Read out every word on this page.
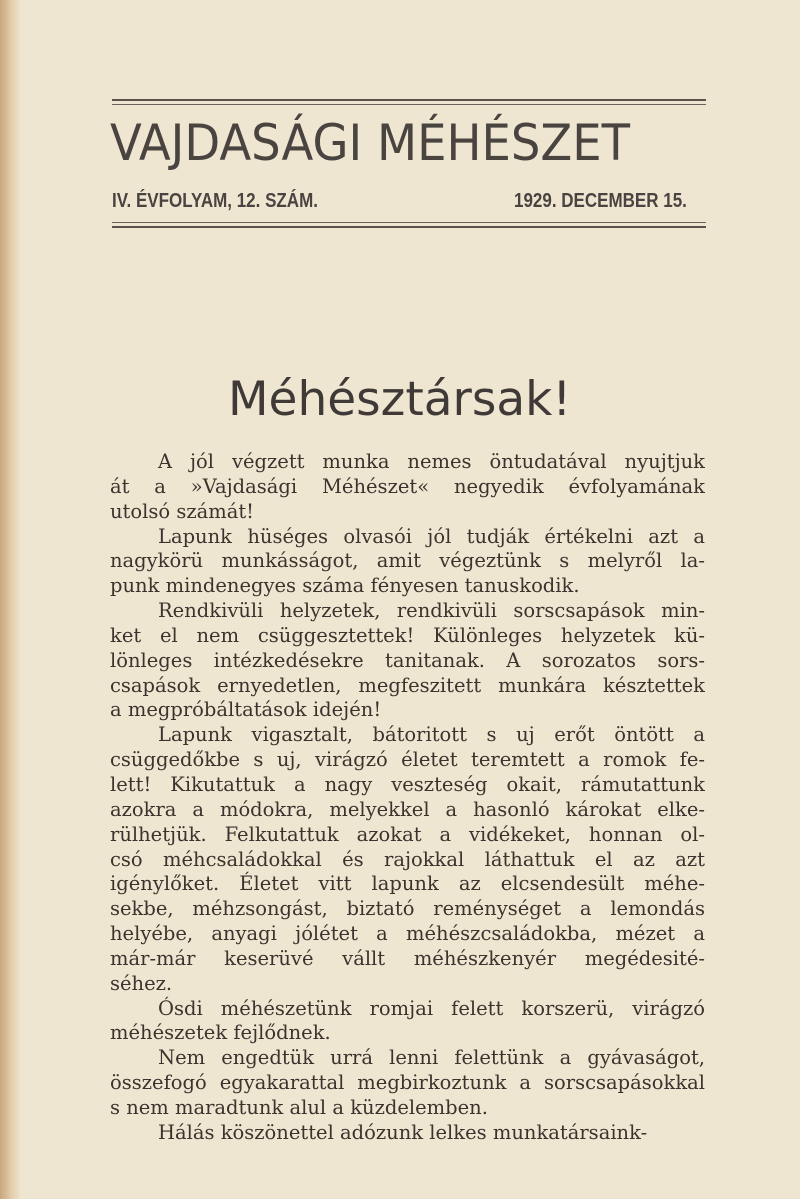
VAJDASÁGI MÉHÉSZET
IV. ÉVFOLYAM, 12. SZÁM.	1929. DECEMBER 15.
Méhésztársak!
A jól végzett munka nemes öntudatával nyujtjuk
át a »Vajdasági Méhészet« negyedik évfolyamának
utolsó számát!
Lapunk hüséges olvasói jól tudják értékelni azt a
nagykörü munkásságot, amit végeztünk s melyről la-
punk mindenegyes száma fényesen tanuskodik.
Rendkivüli helyzetek, rendkivüli sorscsapások min-
ket el nem csüggesztettek! Különleges helyzetek kü-
lönleges intézkedésekre tanitanak. A sorozatos sors-
csapások ernyedetlen, megfeszitett munkára késztettek
a megpróbáltatások idején!
Lapunk vigasztalt, bátoritott s uj erőt öntött a
csüggedőkbe s uj, virágzó életet teremtett a romok fe-
lett! Kikutattuk a nagy veszteség okait, rámutattunk
azokra a módokra, melyekkel a hasonló károkat elke-
rülhetjük. Felkutattuk azokat a vidékeket, honnan ol-
csó méhcsaládokkal és rajokkal láthattuk el az azt
igénylőket. Életet vitt lapunk az elcsendesült méhe-
sekbe, méhzsongást, biztató reménységet a lemondás
helyébe, anyagi jólétet a méhészcsaládokba, mézet a
már-már keserüvé vállt méhészkenyér megédesité-
séhez.
Ósdi méhészetünk romjai felett korszerü, virágzó
méhészetek fejlődnek.
Nem engedtük urrá lenni felettünk a gyávaságot,
összefogó egyakarattal megbirkoztunk a sorscsapásokkal
s nem maradtunk alul a küzdelemben.
Hálás köszönettel adózunk lelkes munkatársaink-
